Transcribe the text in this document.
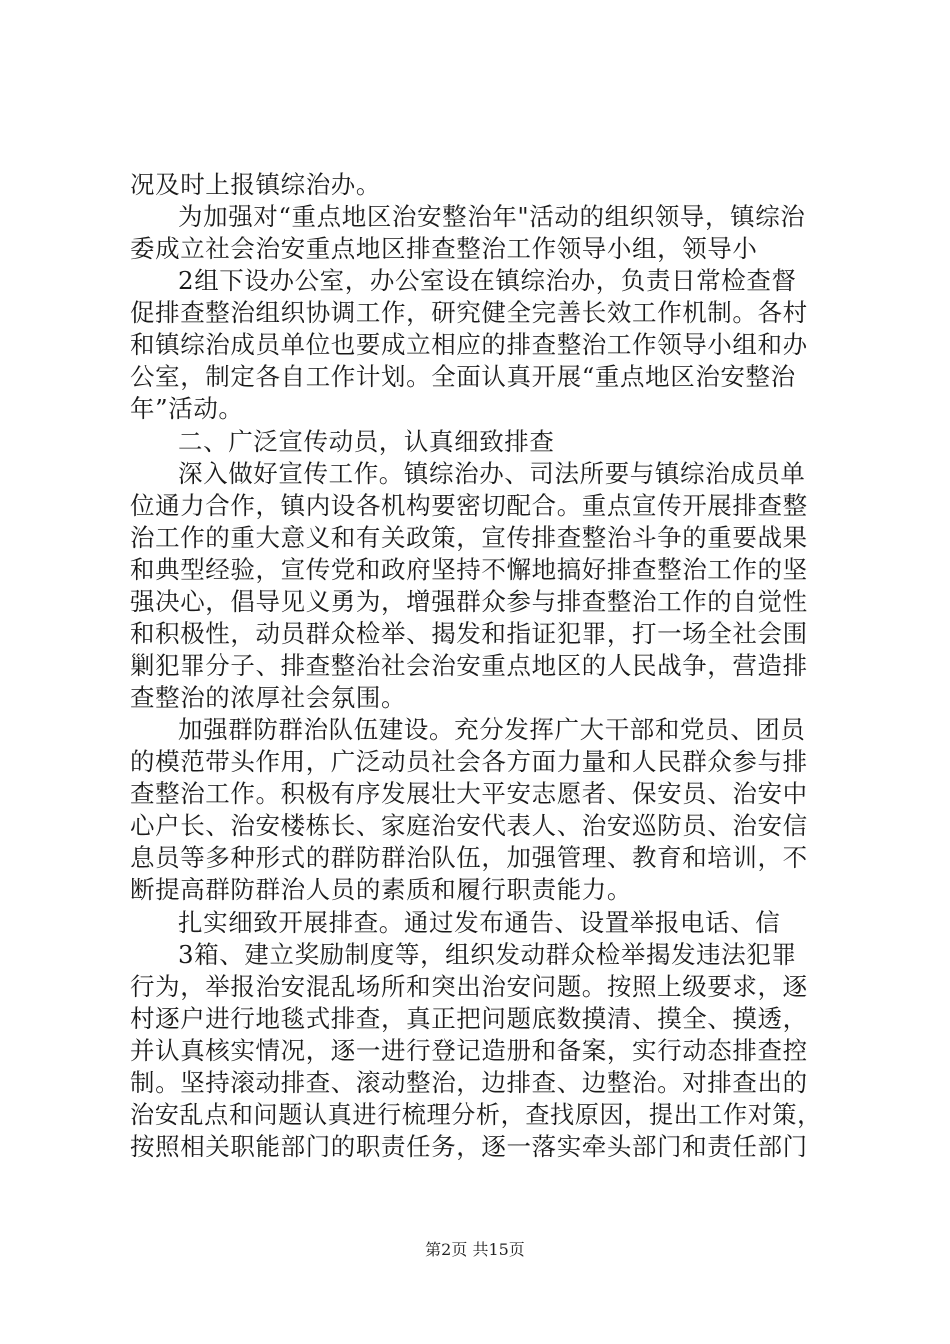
况及时上报镇综治办。
为加强对“重点地区治安整治年"活动的组织领导，镇综治
委成立社会治安重点地区排查整治工作领导小组，领导小
2组下设办公室，办公室设在镇综治办，负责日常检查督
促排查整治组织协调工作，研究健全完善长效工作机制。各村
和镇综治成员单位也要成立相应的排查整治工作领导小组和办
公室，制定各自工作计划。全面认真开展“重点地区治安整治
年”活动。
二、广泛宣传动员，认真细致排查
深入做好宣传工作。镇综治办、司法所要与镇综治成员单
位通力合作，镇内设各机构要密切配合。重点宣传开展排查整
治工作的重大意义和有关政策，宣传排查整治斗争的重要战果
和典型经验，宣传党和政府坚持不懈地搞好排查整治工作的坚
强决心，倡导见义勇为，增强群众参与排查整治工作的自觉性
和积极性，动员群众检举、揭发和指证犯罪，打一场全社会围
剿犯罪分子、排查整治社会治安重点地区的人民战争，营造排
查整治的浓厚社会氛围。
加强群防群治队伍建设。充分发挥广大干部和党员、团员
的模范带头作用，广泛动员社会各方面力量和人民群众参与排
查整治工作。积极有序发展壮大平安志愿者、保安员、治安中
心户长、治安楼栋长、家庭治安代表人、治安巡防员、治安信
息员等多种形式的群防群治队伍，加强管理、教育和培训，不
断提高群防群治人员的素质和履行职责能力。
扎实细致开展排查。通过发布通告、设置举报电话、信
3箱、建立奖励制度等，组织发动群众检举揭发违法犯罪
行为，举报治安混乱场所和突出治安问题。按照上级要求，逐
村逐户进行地毯式排查，真正把问题底数摸清、摸全、摸透，
并认真核实情况，逐一进行登记造册和备案，实行动态排查控
制。坚持滚动排查、滚动整治，边排查、边整治。对排查出的
治安乱点和问题认真进行梳理分析，查找原因，提出工作对策，
按照相关职能部门的职责任务，逐一落实牵头部门和责任部门
第2页 共15页
